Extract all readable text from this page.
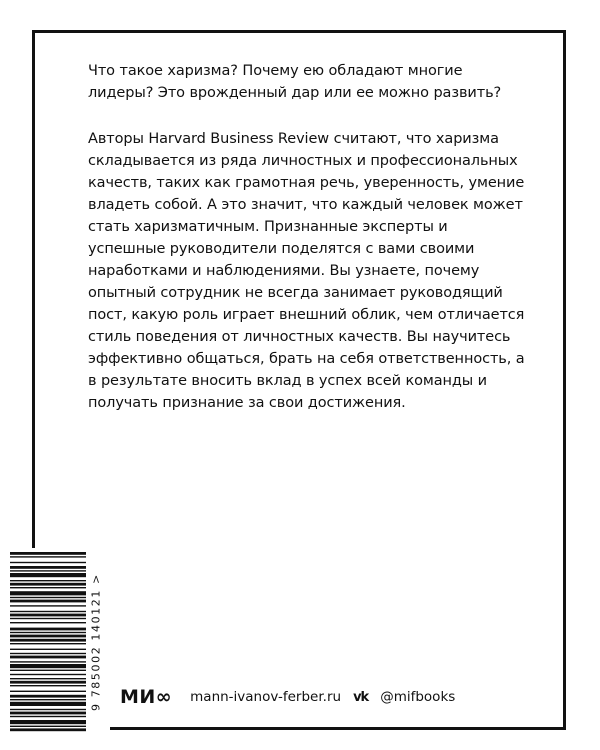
Что такое харизма? Почему ею обладают многие лидеры? Это врожденный дар или ее можно развить?

Авторы Harvard Business Review считают, что харизма складывается из ряда личностных и профессиональных качеств, таких как грамотная речь, уверенность, умение владеть собой. А это значит, что каждый человек может стать харизматичным. Признанные эксперты и успешные руководители поделятся с вами своими наработками и наблюдениями. Вы узнаете, почему опытный сотрудник не всегда занимает руководящий пост, какую роль играет внешний облик, чем отличается стиль поведения от личностных качеств. Вы научитесь эффективно общаться, брать на себя ответственность, а в результате вносить вклад в успех всей команды и получать признание за свои достижения.

9 785002 140121 > МИ∞ mann-ivanov-ferber.ru vk @mifbooks
